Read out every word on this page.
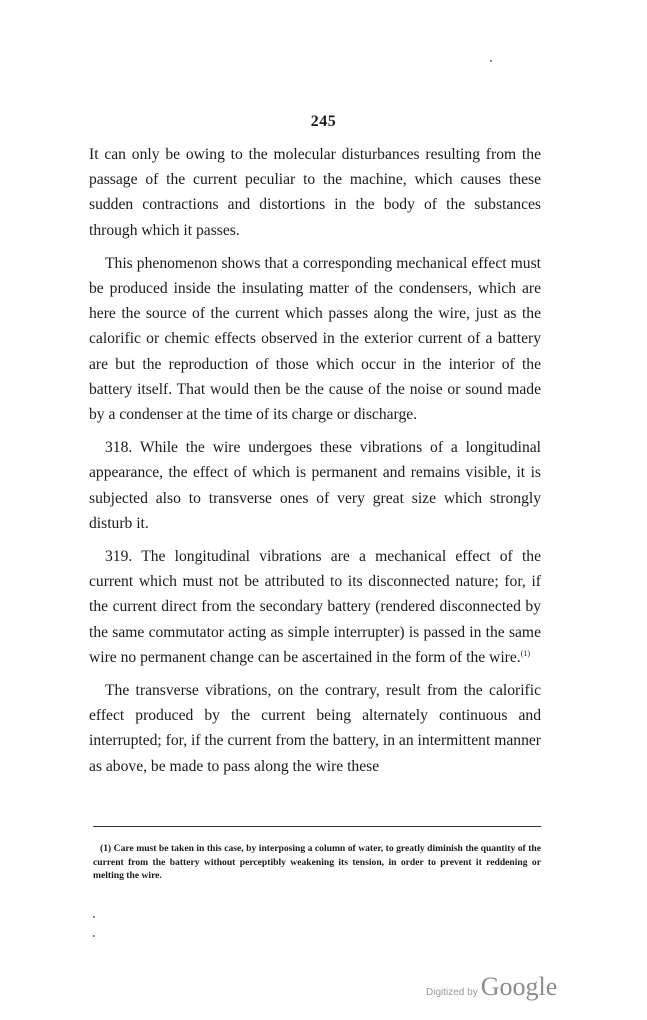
245

It can only be owing to the molecular disturbances resulting from the passage of the current peculiar to the machine, which causes these sudden contractions and distortions in the body of the substances through which it passes.

This phenomenon shows that a corresponding mechanical effect must be produced inside the insulating matter of the condensers, which are here the source of the current which passes along the wire, just as the calorific or chemic effects observed in the exterior current of a battery are but the reproduction of those which occur in the interior of the battery itself. That would then be the cause of the noise or sound made by a condenser at the time of its charge or discharge.

318. While the wire undergoes these vibrations of a longitudinal appearance, the effect of which is permanent and remains visible, it is subjected also to transverse ones of very great size which strongly disturb it.

319. The longitudinal vibrations are a mechanical effect of the current which must not be attributed to its disconnected nature; for, if the current direct from the secondary battery (rendered disconnected by the same commutator acting as simple interrupter) is passed in the same wire no permanent change can be ascertained in the form of the wire.$^{(1)}$

The transverse vibrations, on the contrary, result from the calorific effect produced by the current being alternately continuous and interrupted; for, if the current from the battery, in an intermittent manner as above, be made to pass along the wire these

(1) Care must be taken in this case, by interposing a column of water, to greatly diminish the quantity of the current from the battery without perceptibly weakening its tension, in order to prevent it reddening or melting the wire.
Digitized by Google
